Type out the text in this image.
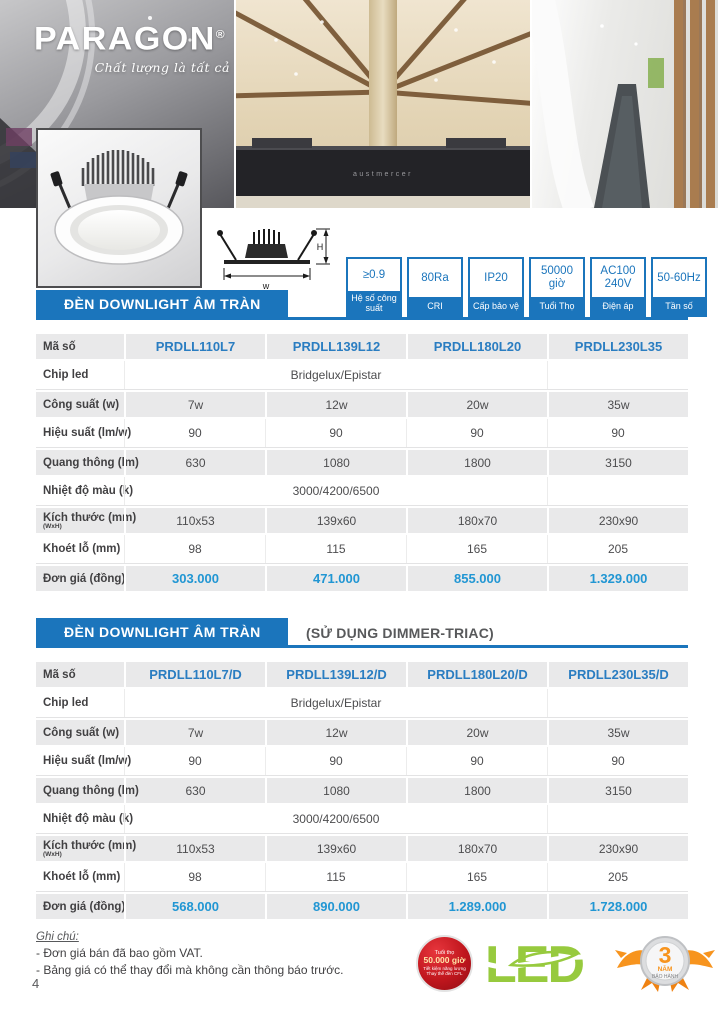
PARAGON®
Chất lượng là tất cả
austmercer
w
H
≥0.9
Hệ số công suất
80Ra
CRI
IP20
Cấp bảo vệ
50000 giờ
Tuổi Thọ
AC100 240V
Điện áp
50-60Hz
Tần số
ĐÈN DOWNLIGHT ÂM TRÀN
Mã số	PRDLL110L7	PRDLL139L12	PRDLL180L20	PRDLL230L35
Chip led	Bridgelux/Epistar
Công suất (w)	7w	12w	20w	35w
Hiệu suất (lm/w)	90	90	90	90
Quang thông (lm)	630	1080	1800	3150
Nhiệt độ màu (k)	3000/4200/6500
Kích thước (mm)
(WxH)	110x53	139x60	180x70	230x90
Khoét lỗ (mm)	98	115	165	205
Đơn giá (đồng)	303.000	471.000	855.000	1.329.000
ĐÈN DOWNLIGHT ÂM TRÀN	(SỬ DỤNG DIMMER-TRIAC)
Mã số	PRDLL110L7/D	PRDLL139L12/D	PRDLL180L20/D	PRDLL230L35/D
Chip led	Bridgelux/Epistar
Công suất (w)	7w	12w	20w	35w
Hiệu suất (lm/w)	90	90	90	90
Quang thông (lm)	630	1080	1800	3150
Nhiệt độ màu (k)	3000/4200/6500
Kích thước (mm)
(WxH)	110x53	139x60	180x70	230x90
Khoét lỗ (mm)	98	115	165	205
Đơn giá (đồng)	568.000	890.000	1.289.000	1.728.000
Ghi chú:
- Đơn giá bán đã bao gồm VAT.
- Bảng giá có thể thay đổi mà không cần thông báo trước.
4
Tuổi thọ
50.000 giờ
Tiết kiệm năng lượng
Thay thế đèn CFL LED	3
NĂM
BẢO HÀNH
